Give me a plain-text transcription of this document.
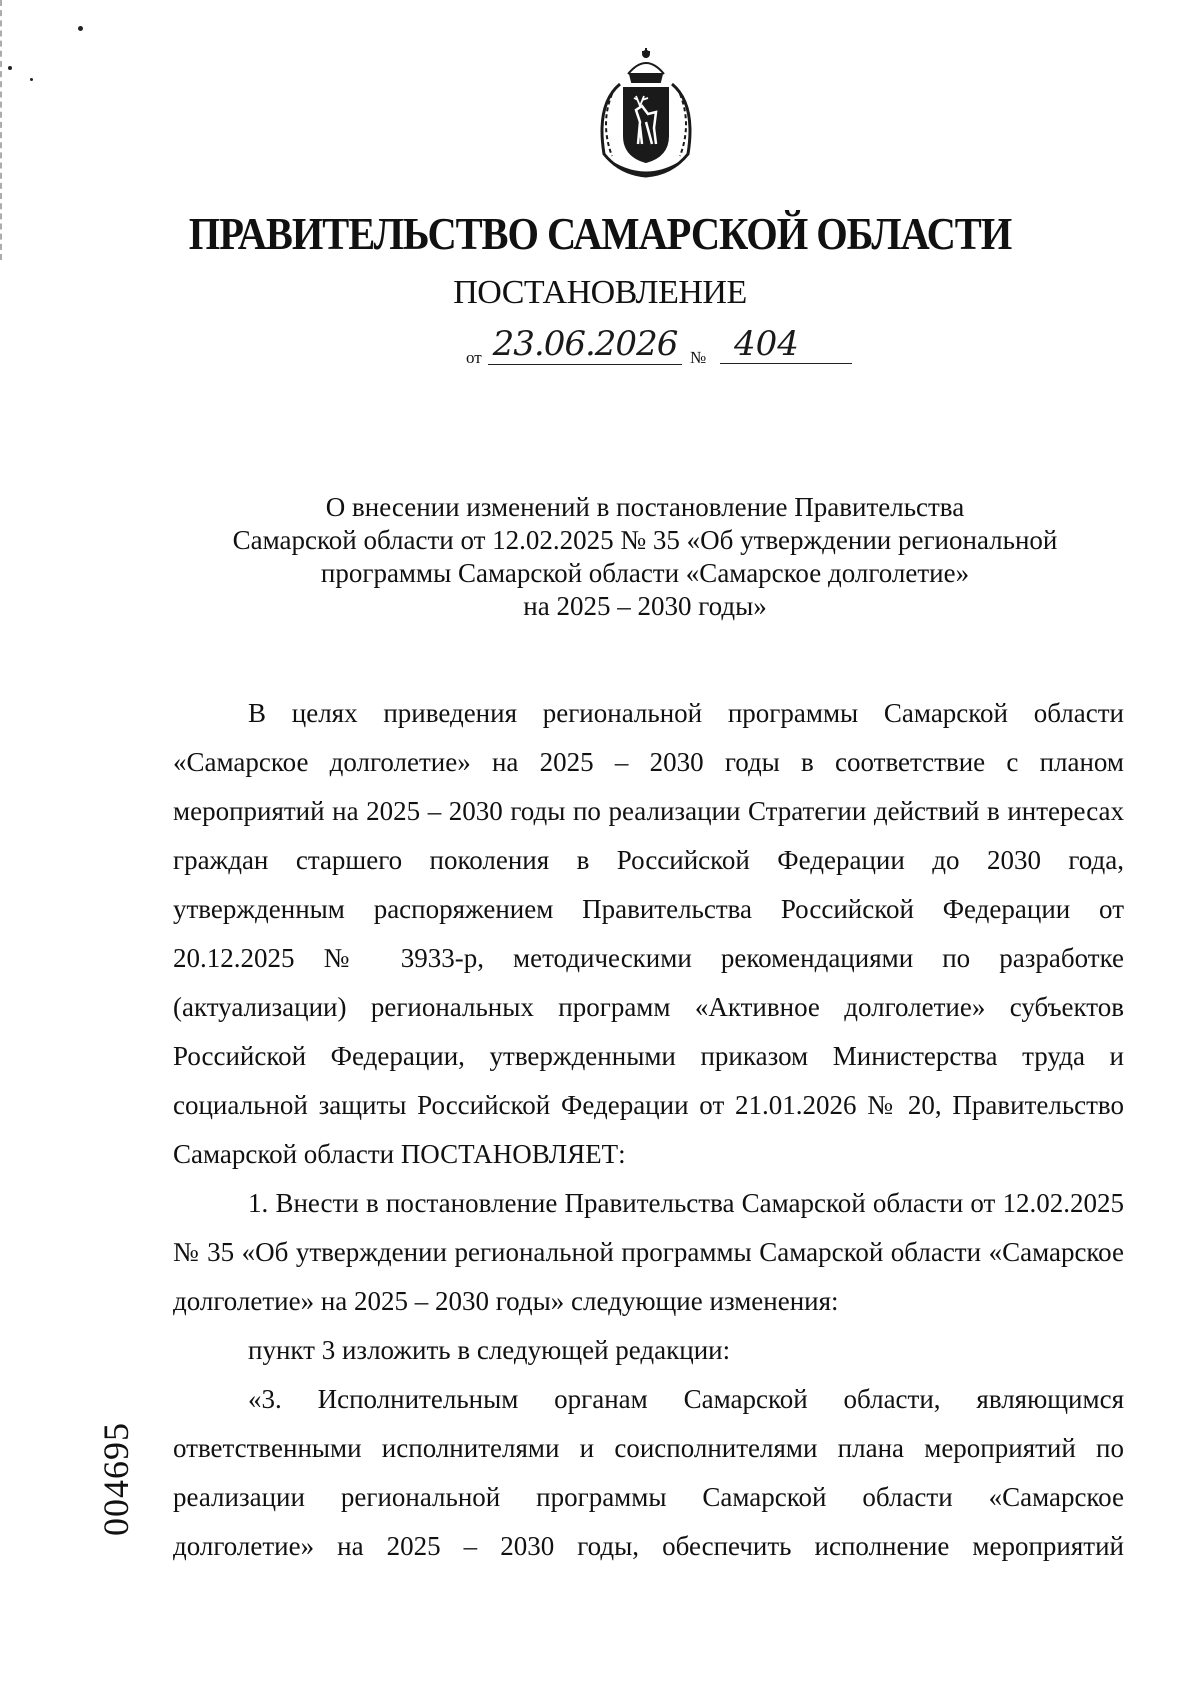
ПРАВИТЕЛЬСТВО САМАРСКОЙ ОБЛАСТИ
ПОСТАНОВЛЕНИЕ
от 23.06.2026 № 404
О внесении изменений в постановление Правительства
Самарской области от 12.02.2025 № 35 «Об утверждении региональной
программы Самарской области «Самарское долголетие»
на 2025 – 2030 годы»

В целях приведения региональной программы Самарской области «Самарское долголетие» на 2025 – 2030 годы в соответствие с планом мероприятий на 2025 – 2030 годы по реализации Стратегии действий в интересах граждан старшего поколения в Российской Федерации до 2030 года, утвержденным распоряжением Правительства Российской Федерации от 20.12.2025 № 3933-р, методическими рекомендациями по разработке (актуализации) региональных программ «Активное долголетие» субъектов Российской Федерации, утвержденными приказом Министерства труда и социальной защиты Российской Федерации от 21.01.2026 № 20, Правительство Самарской области ПОСТАНОВЛЯЕТ:

1. Внести в постановление Правительства Самарской области от 12.02.2025 № 35 «Об утверждении региональной программы Самарской области «Самарское долголетие» на 2025 – 2030 годы» следующие изменения:

пункт 3 изложить в следующей редакции:

«3. Исполнительным органам Самарской области, являющимся ответственными исполнителями и соисполнителями плана мероприятий по реализации региональной программы Самарской области «Самарское долголетие» на 2025 – 2030 годы, обеспечить исполнение мероприятий

004695
